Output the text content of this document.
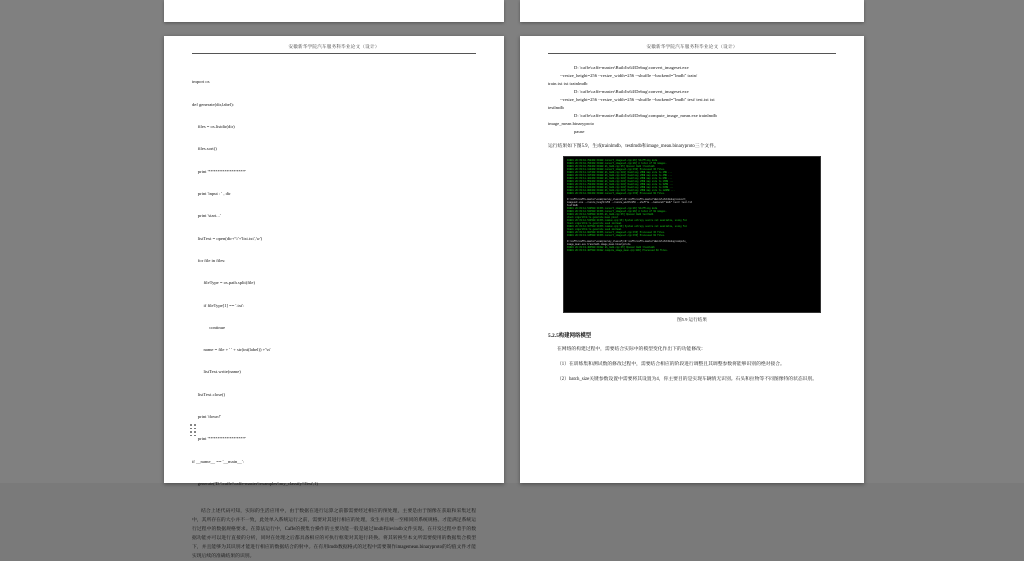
安徽新华学院汽车服务科毕业论文（设计）

import os

def generate(dir,label):

files = os.listdir(dir)

files.sort()

print '****************'

print 'input : ' , dir

print 'start...'

listText = open(dir+'\\'+'list.txt','w')

for file in files:

fileType = os.path.split(file)

if fileType[1] == '.txt':

continue

name = file + ' ' + str(int(label)) +'\n'

listText.write(name)

listText.close()

print 'down!'

print '****************'

if __name__ == '__main__':

generate('D:\\caffe\\caffe-master\\examples\\my_classify\\Test',1)

结合上述代码可知，实际的生活应用中，由于数据在进行运算之前都需要经过相应的预处理，主要是由于图像在获取和采集过程中，其所存在的大小并不一致，此处单入系统运行之前，需要对其进行相应的处理，发生并且统一至相同的系统规格。才能满足系统运行过程中的数据规格要求。在算法运行中，Caffe的搜集台操作的主要功能一般是通过lmdb和levindb文件实现。在开发过程中着手的数据功能亦可以进行直接的分析，同时在处理之后都具备相应的可执行框架对其进行转换。将其转换至本文所需要使用的数据集合模型下，并且能够为其识别才能进行相应的数据结合的射中。在有用lmdb数据格式的过程中需要制作imagemean.binaryproto的均值文件才能实现后续的准确结果的识别。

安徽新华学院汽车服务科毕业论文（设计）
D: \caffe\caffe-master\Build\x64\Debug\convert_imageset.exe
--resize_height=256 --resize_width=256 --shuffle --backend="lmdb" train/
train.txt txt trainlmdb
D: \caffe\caffe-master\Build\x64\Debug\convert_imageset.exe
--resize_height=256 --resize_width=256 --shuffle --backend="lmdb" test/ test.txt txt
testlmdb
D: \caffe\caffe-master\Build\x64\Debug\compute_image_mean.exe trainlmdb
image_mean.binaryproto
pause
运行结果如下图5.9，生成trainlmdb、testlmdb和image_mean.binaryproto三个文件。
I0801 20:33:10.702468 61988 convert_imageset.cpp:86] Shuffling data
I0801 20:33:10.703468 61988 convert_imageset.cpp:89] A total of 60 images.
I0801 20:33:10.704468 61988 db_lmdb.cpp:35] Opened lmdb trainlmdb
I0801 20:33:11.114468 61988 convert_imageset.cpp:153] Processed 36 files.
I0801 20:33:11.117468 61988 db_lmdb.cpp:101] Doubling LMDB map size to 2MB ...
I0801 20:33:11.317468 61988 db_lmdb.cpp:101] Doubling LMDB map size to 4MB ...
I0801 20:33:11.421468 61988 db_lmdb.cpp:101] Doubling LMDB map size to 8MB ...
I0801 20:33:11.552468 61988 db_lmdb.cpp:101] Doubling LMDB map size to 16MB ...
I0801 20:33:11.702468 61988 db_lmdb.cpp:101] Doubling LMDB map size to 32MB ...
I0801 20:33:11.841468 61988 db_lmdb.cpp:101] Doubling LMDB map size to 64MB ...
I0801 20:33:12.003468 61988 db_lmdb.cpp:101] Doubling LMDB map size to 128MB ...
I0801 20:33:12.331468 61988 convert_imageset.cpp:153] Processed 60 files.

D:\caffe\caffe-master\examples\my_classify>D:\caffe\caffe-master\Build\x64\Debug\convert_
imageset.exe --resize_height=256 --resize_width=256 --shuffle --backend="lmdb" test/ test.txt
testlmdb
I0801 20:33:12.540500 31356 convert_imageset.cpp:86] Shuffling data
I0801 20:33:12.541500 31356 convert_imageset.cpp:89] A total of 60 images.
I0801 20:33:12.543500 31356 db_lmdb.cpp:35] Opened lmdb testlmdb
check algorithm to generate mean pixel
I0801 20:33:12.544500 31356 common.cpp:36] System entropy source not available, using fal
lback algorithm to generate seed instead.
I0801 20:33:12.667500 31356 common.cpp:36] System entropy source not available, using fal
lback algorithm to generate seed instead.
I0801 20:33:12.901500 31356 convert_imageset.cpp:153] Processed 36 files.
I0801 20:33:13.145500 31356 convert_imageset.cpp:153] Processed 60 files.

D:\caffe\caffe-master\examples\my_classify>D:\caffe\caffe-master\Build\x64\Debug\compute_
image_mean.exe trainlmdb image_mean.binaryproto
I0801 20:33:13.403500 61992 db_lmdb.cpp:35] Opened lmdb trainlmdb
I0801 20:33:13.407500 61992 compute_image_mean.cpp:108] Processed 60 files.
图5.9 运行结果
5.2.5构建网络模型

在网络的构建过程中，需要结合实际中的模型变化作出下的功能修改：

（1）在训练集和测试数的修改过程中，需要结合相应的阶段进行调整且其调整参数将能够识别的绝对接合。

（2）batch_size关键参数设置中需要将其设置为4，你主要目的是实现车辆情无识别。石头和拉物等不同图像特的状态识别。
